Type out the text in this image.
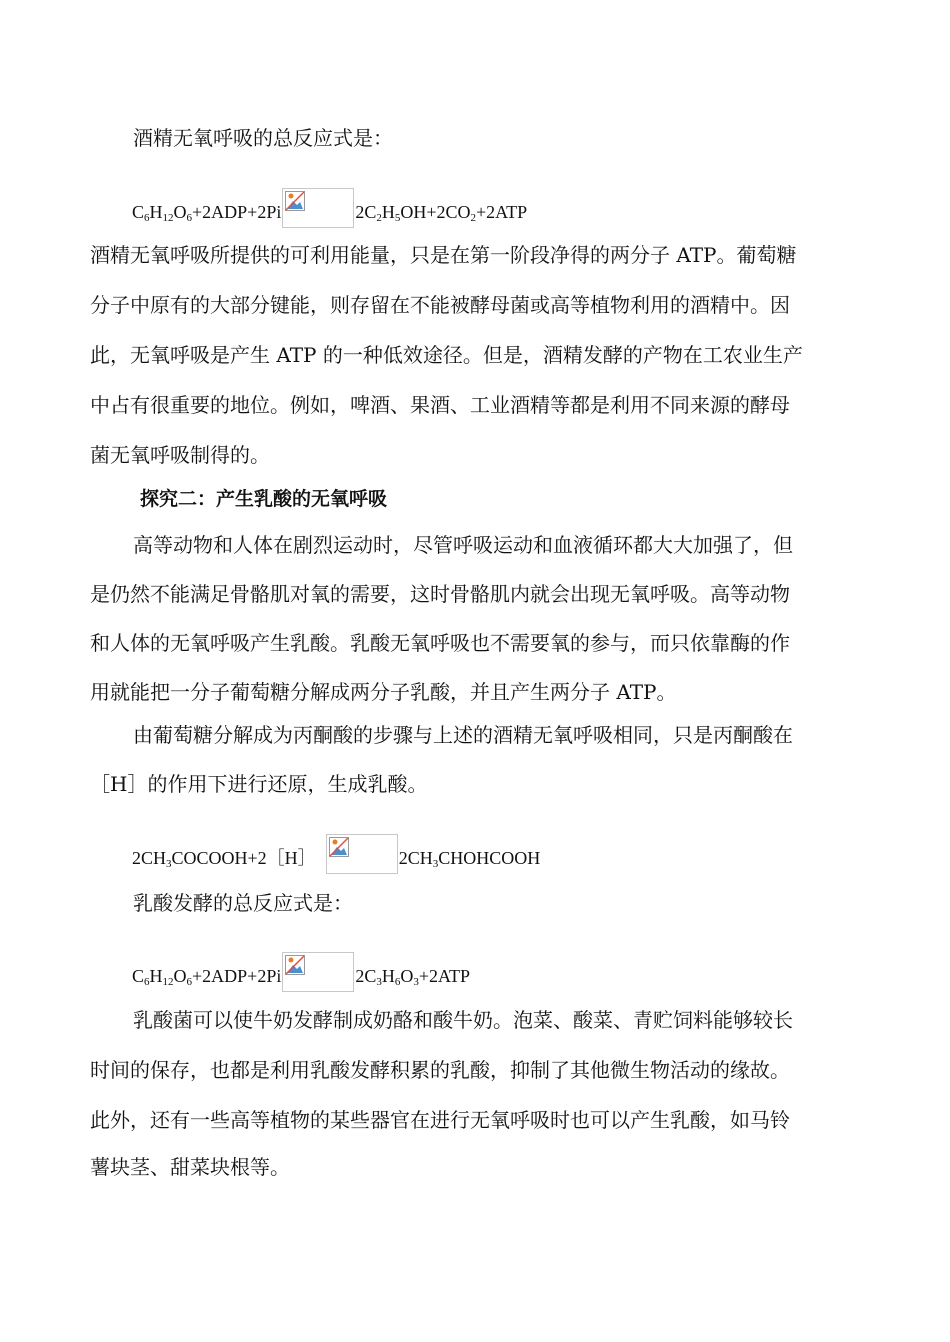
酒精无氧呼吸的总反应式是：
$C_6H_{12}O_6+2ADP+2Pi$	$2C_2H_5OH+2CO_2+2ATP$
酒精无氧呼吸所提供的可利用能量，只是在第一阶段净得的两分子 ATP。葡萄糖
分子中原有的大部分键能，则存留在不能被酵母菌或高等植物利用的酒精中。因
此，无氧呼吸是产生 ATP 的一种低效途径。但是，酒精发酵的产物在工农业生产
中占有很重要的地位。例如，啤酒、果酒、工业酒精等都是利用不同来源的酵母
菌无氧呼吸制得的。
探究二：产生乳酸的无氧呼吸
高等动物和人体在剧烈运动时，尽管呼吸运动和血液循环都大大加强了，但
是仍然不能满足骨骼肌对氧的需要，这时骨骼肌内就会出现无氧呼吸。高等动物
和人体的无氧呼吸产生乳酸。乳酸无氧呼吸也不需要氧的参与，而只依靠酶的作
用就能把一分子葡萄糖分解成两分子乳酸，并且产生两分子 ATP。
由葡萄糖分解成为丙酮酸的步骤与上述的酒精无氧呼吸相同，只是丙酮酸在
［H］的作用下进行还原，生成乳酸。
$2CH_3COCOOH+2[H]$	$2CH_3CHOHCOOH$
乳酸发酵的总反应式是：
$C_6H_{12}O_6+2ADP+2Pi$	$2C_3H_6O_3+2ATP$
乳酸菌可以使牛奶发酵制成奶酪和酸牛奶。泡菜、酸菜、青贮饲料能够较长
时间的保存，也都是利用乳酸发酵积累的乳酸，抑制了其他微生物活动的缘故。
此外，还有一些高等植物的某些器官在进行无氧呼吸时也可以产生乳酸，如马铃
薯块茎、甜菜块根等。
